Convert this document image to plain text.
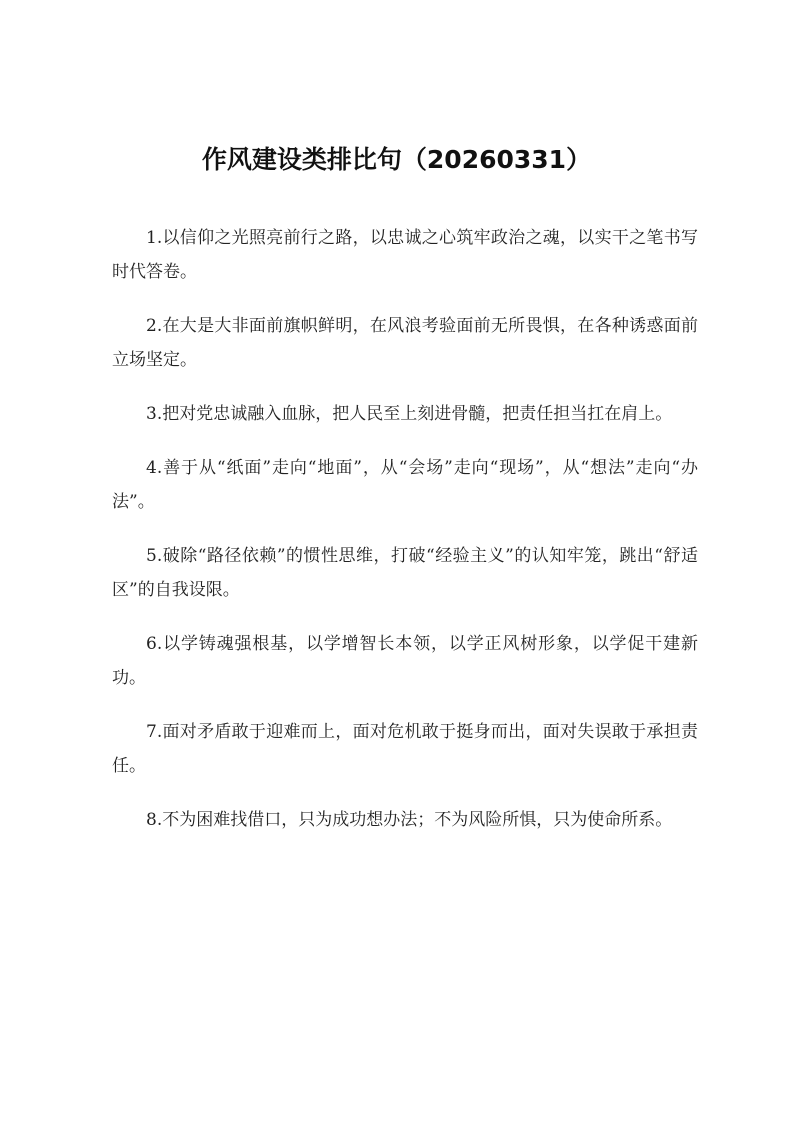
作风建设类排比句（20260331）

1.以信仰之光照亮前行之路，以忠诚之心筑牢政治之魂，以实干之笔书写时代答卷。

2.在大是大非面前旗帜鲜明，在风浪考验面前无所畏惧，在各种诱惑面前立场坚定。

3.把对党忠诚融入血脉，把人民至上刻进骨髓，把责任担当扛在肩上。

4.善于从“纸面”走向“地面”，从“会场”走向“现场”，从“想法”走向“办法”。

5.破除“路径依赖”的惯性思维，打破“经验主义”的认知牢笼，跳出“舒适区”的自我设限。

6.以学铸魂强根基，以学增智长本领，以学正风树形象，以学促干建新功。

7.面对矛盾敢于迎难而上，面对危机敢于挺身而出，面对失误敢于承担责任。

8.不为困难找借口，只为成功想办法；不为风险所惧，只为使命所系。
